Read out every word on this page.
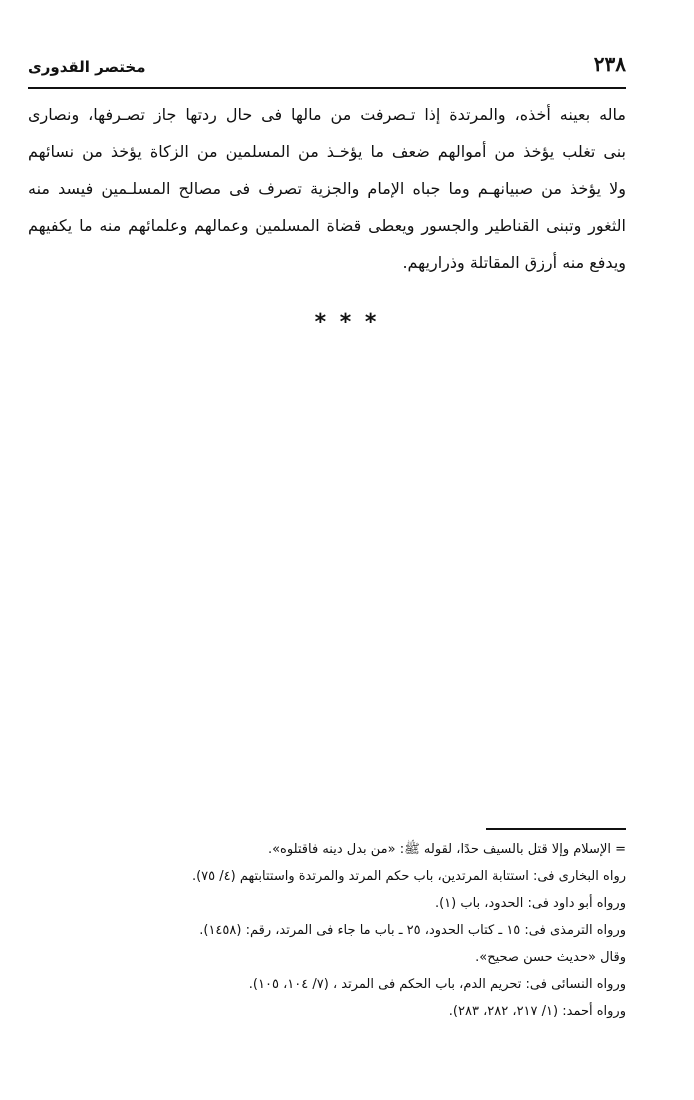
٢٣٨
مختصر القدورى
ماله بعينه أخذه، والمرتدة إذا تـصرفت من مالها فى حال ردتها جاز تصـرفها، ونصارى
بنى تغلب يؤخذ من أموالهم ضعف ما يؤخـذ من المسلمين من الزكاة يؤخذ من نسائهم
ولا يؤخذ من صبيانهـم وما جباه الإمام والجزية تصرف فى مصالح المسلـمين فيسد منه
الثغور وتبنى القناطير والجسور ويعطى قضاة المسلمين وعمالهم وعلمائهم منه ما يكفيهم
ويدفع منه أرزق المقاتلة وذراريهم.
* * *
= الإسلام وإلا قتل بالسيف حدًا، لقوله ﷺ: «من بدل دينه فاقتلوه».
رواه البخارى فى: استتابة المرتدين، باب حكم المرتد والمرتدة واستتابتهم (٤/ ٧٥).
ورواه أبو داود فى: الحدود، باب (١).
ورواه الترمذى فى: ١٥ ـ كتاب الحدود، ٢٥ ـ باب ما جاء فى المرتد، رقم: (١٤٥٨).
وقال «حديث حسن صحيح».
ورواه النسائى فى: تحريم الدم، باب الحكم فى المرتد ، (٧/ ١٠٤، ١٠٥).
ورواه أحمد: (١/ ٢١٧، ٢٨٢، ٢٨٣).
